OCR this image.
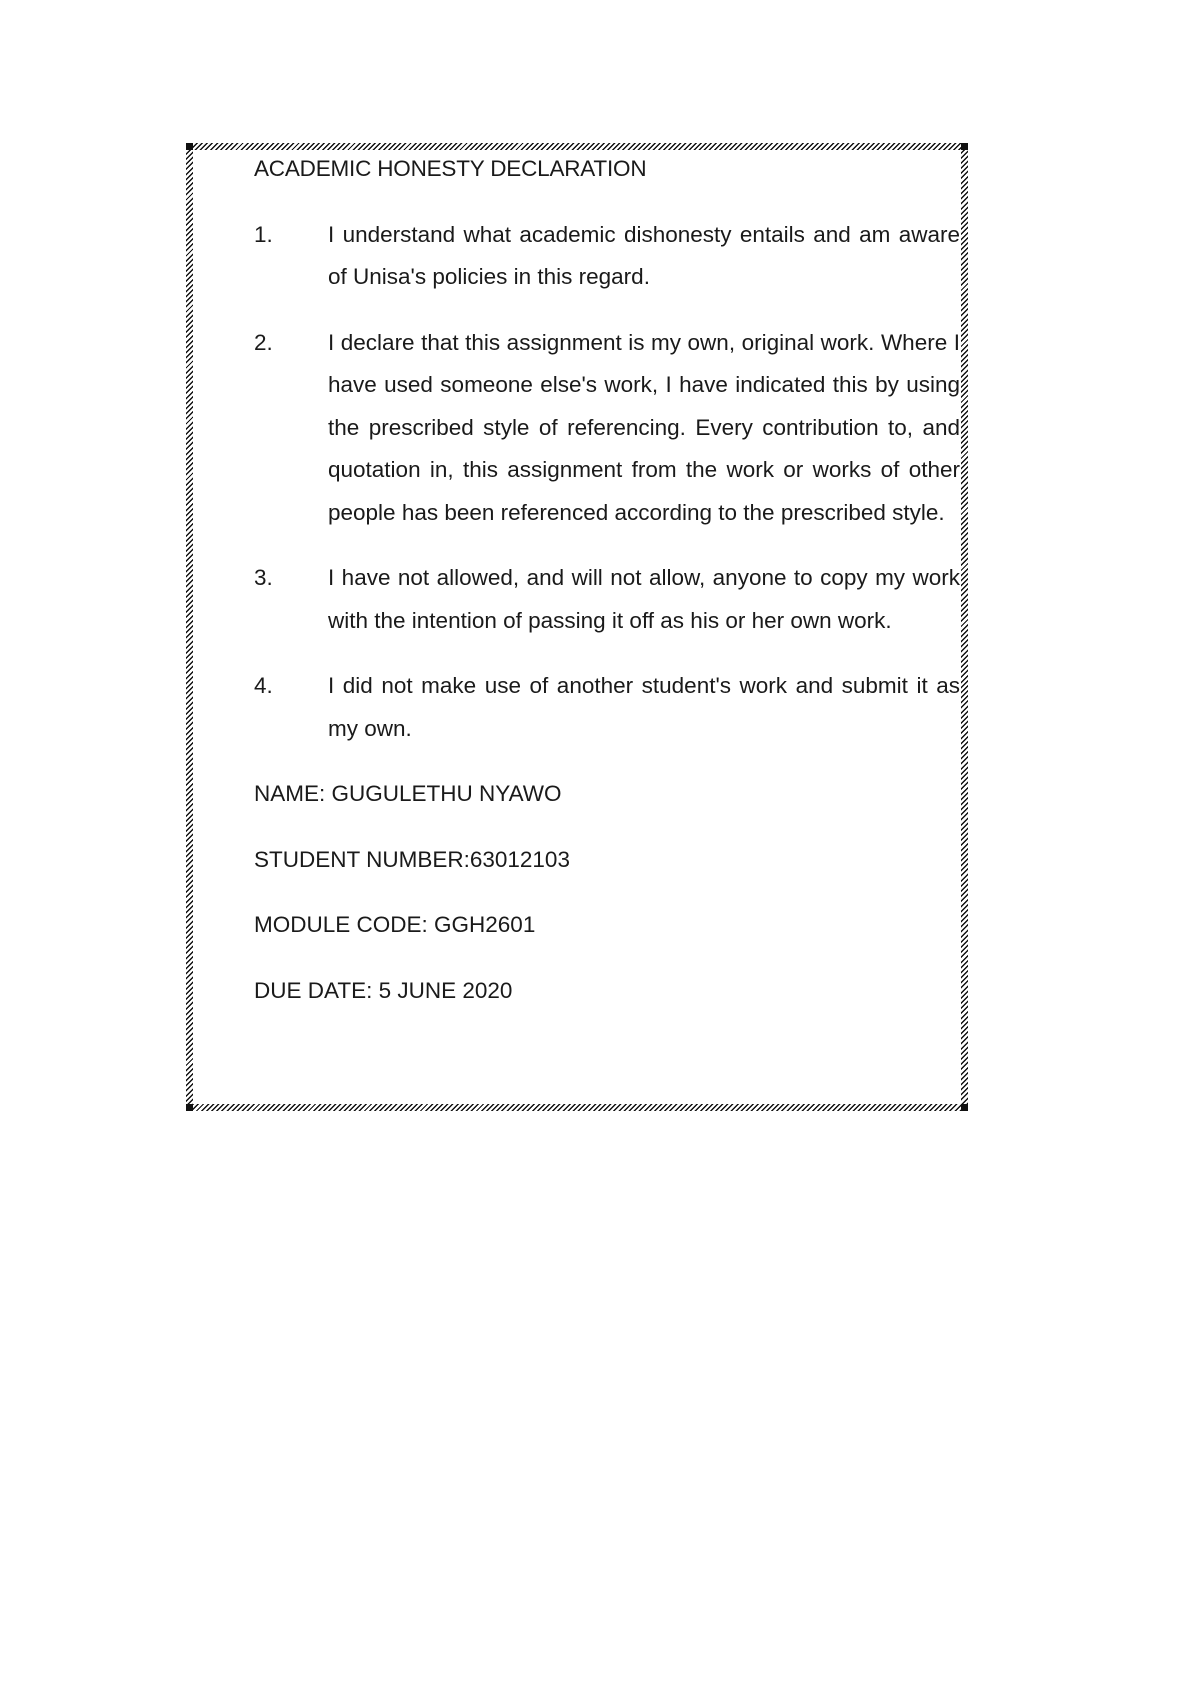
ACADEMIC HONESTY DECLARATION
1.	I understand what academic dishonesty entails and am aware of Unisa's policies in this regard.
2.	I declare that this assignment is my own, original work. Where I have used someone else's work, I have indicated this by using the prescribed style of referencing. Every contribution to, and quotation in, this assignment from the work or works of other people has been referenced according to the prescribed style.
3.	I have not allowed, and will not allow, anyone to copy my work with the intention of passing it off as his or her own work.
4.	I did not make use of another student's work and submit it as my own.
NAME: GUGULETHU NYAWO
STUDENT NUMBER:63012103
MODULE CODE: GGH2601
DUE DATE: 5 JUNE 2020
